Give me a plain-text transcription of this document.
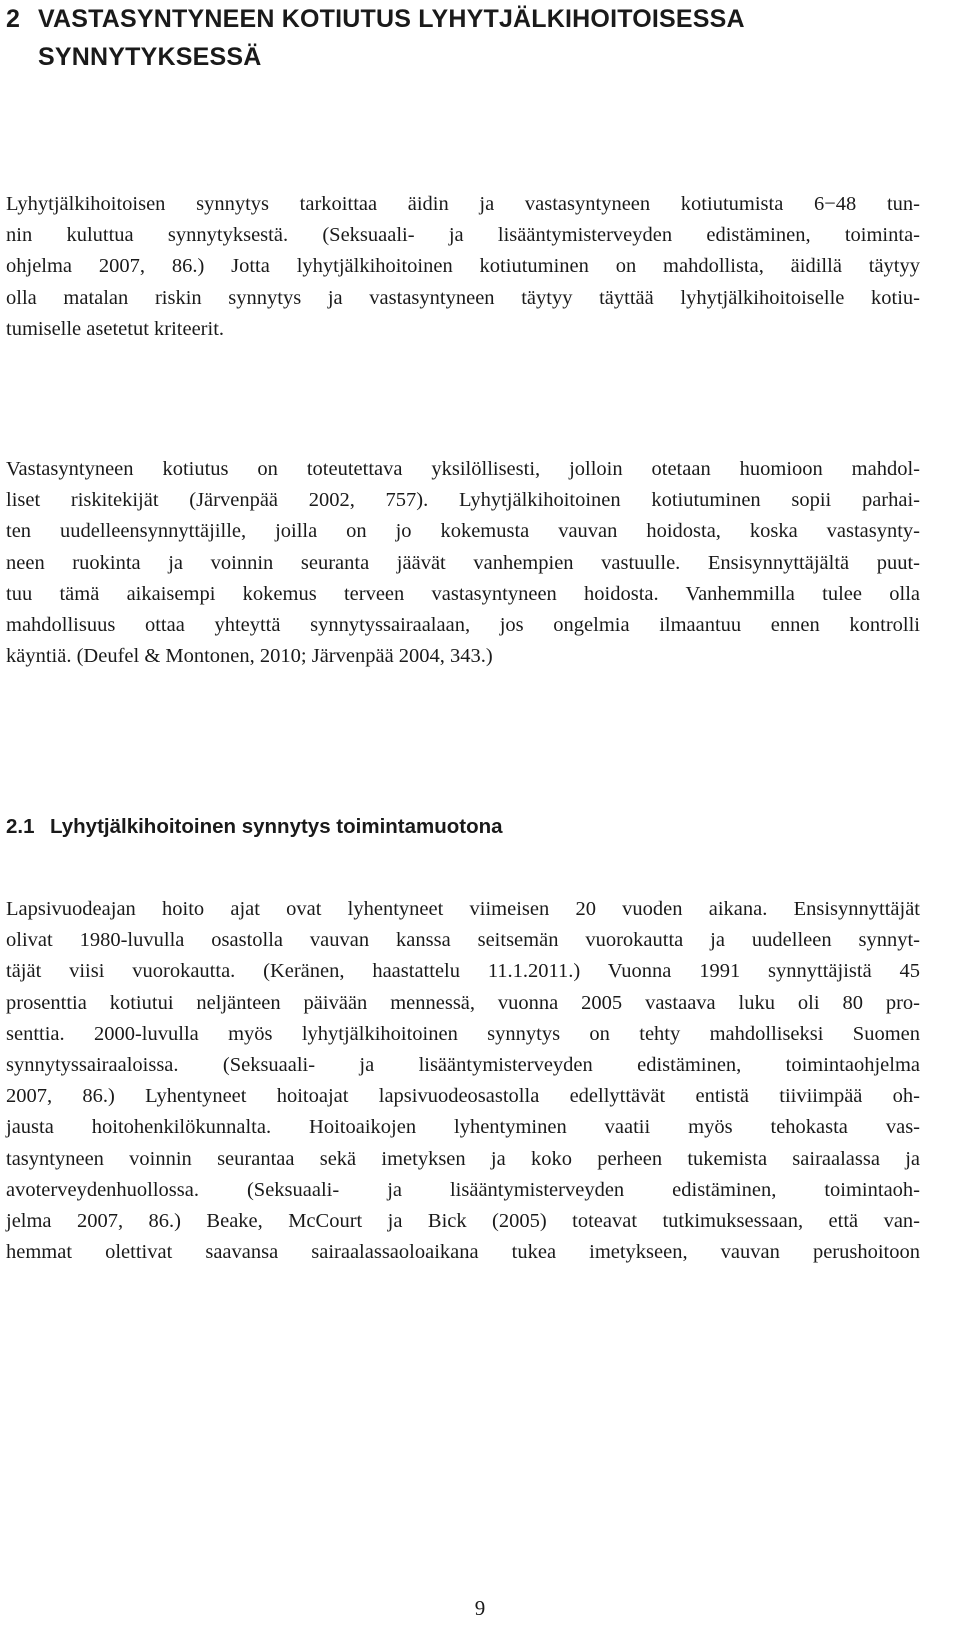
2 VASTASYNTYNEEN KOTIUTUS LYHYTJÄLKIHOITOISESSA
SYNNYTYKSESSÄ

Lyhytjälkihoitoisen synnytys tarkoittaa äidin ja vastasyntyneen kotiutumista 6−48 tun-
nin kuluttua synnytyksestä. (Seksuaali- ja lisääntymisterveyden edistäminen, toiminta-
ohjelma 2007, 86.) Jotta lyhytjälkihoitoinen kotiutuminen on mahdollista, äidillä täytyy
olla matalan riskin synnytys ja vastasyntyneen täytyy täyttää lyhytjälkihoitoiselle kotiu-
tumiselle asetetut kriteerit.

Vastasyntyneen kotiutus on toteutettava yksilöllisesti, jolloin otetaan huomioon mahdol-
liset riskitekijät (Järvenpää 2002, 757). Lyhytjälkihoitoinen kotiutuminen sopii parhai-
ten uudelleensynnyttäjille, joilla on jo kokemusta vauvan hoidosta, koska vastasynty-
neen ruokinta ja voinnin seuranta jäävät vanhempien vastuulle. Ensisynnyttäjältä puut-
tuu tämä aikaisempi kokemus terveen vastasyntyneen hoidosta. Vanhemmilla tulee olla
mahdollisuus ottaa yhteyttä synnytyssairaalaan, jos ongelmia ilmaantuu ennen kontrolli
käyntiä. (Deufel & Montonen, 2010; Järvenpää 2004, 343.)

2.1 Lyhytjälkihoitoinen synnytys toimintamuotona

Lapsivuodeajan hoito ajat ovat lyhentyneet viimeisen 20 vuoden aikana. Ensisynnyttäjät
olivat 1980-luvulla osastolla vauvan kanssa seitsemän vuorokautta ja uudelleen synnyt-
täjät viisi vuorokautta. (Keränen, haastattelu 11.1.2011.) Vuonna 1991 synnyttäjistä 45
prosenttia kotiutui neljänteen päivään mennessä, vuonna 2005 vastaava luku oli 80 pro-
senttia. 2000-luvulla myös lyhytjälkihoitoinen synnytys on tehty mahdolliseksi Suomen
synnytyssairaaloissa. (Seksuaali- ja lisääntymisterveyden edistäminen, toimintaohjelma
2007, 86.) Lyhentyneet hoitoajat lapsivuodeosastolla edellyttävät entistä tiiviimpää oh-
jausta hoitohenkilökunnalta. Hoitoaikojen lyhentyminen vaatii myös tehokasta vas-
tasyntyneen voinnin seurantaa sekä imetyksen ja koko perheen tukemista sairaalassa ja
avoterveydenhuollossa. (Seksuaali- ja lisääntymisterveyden edistäminen, toimintaoh-
jelma 2007, 86.) Beake, McCourt ja Bick (2005) toteavat tutkimuksessaan, että van-
hemmat olettivat saavansa sairaalassaoloaikana tukea imetykseen, vauvan perushoitoon

9
